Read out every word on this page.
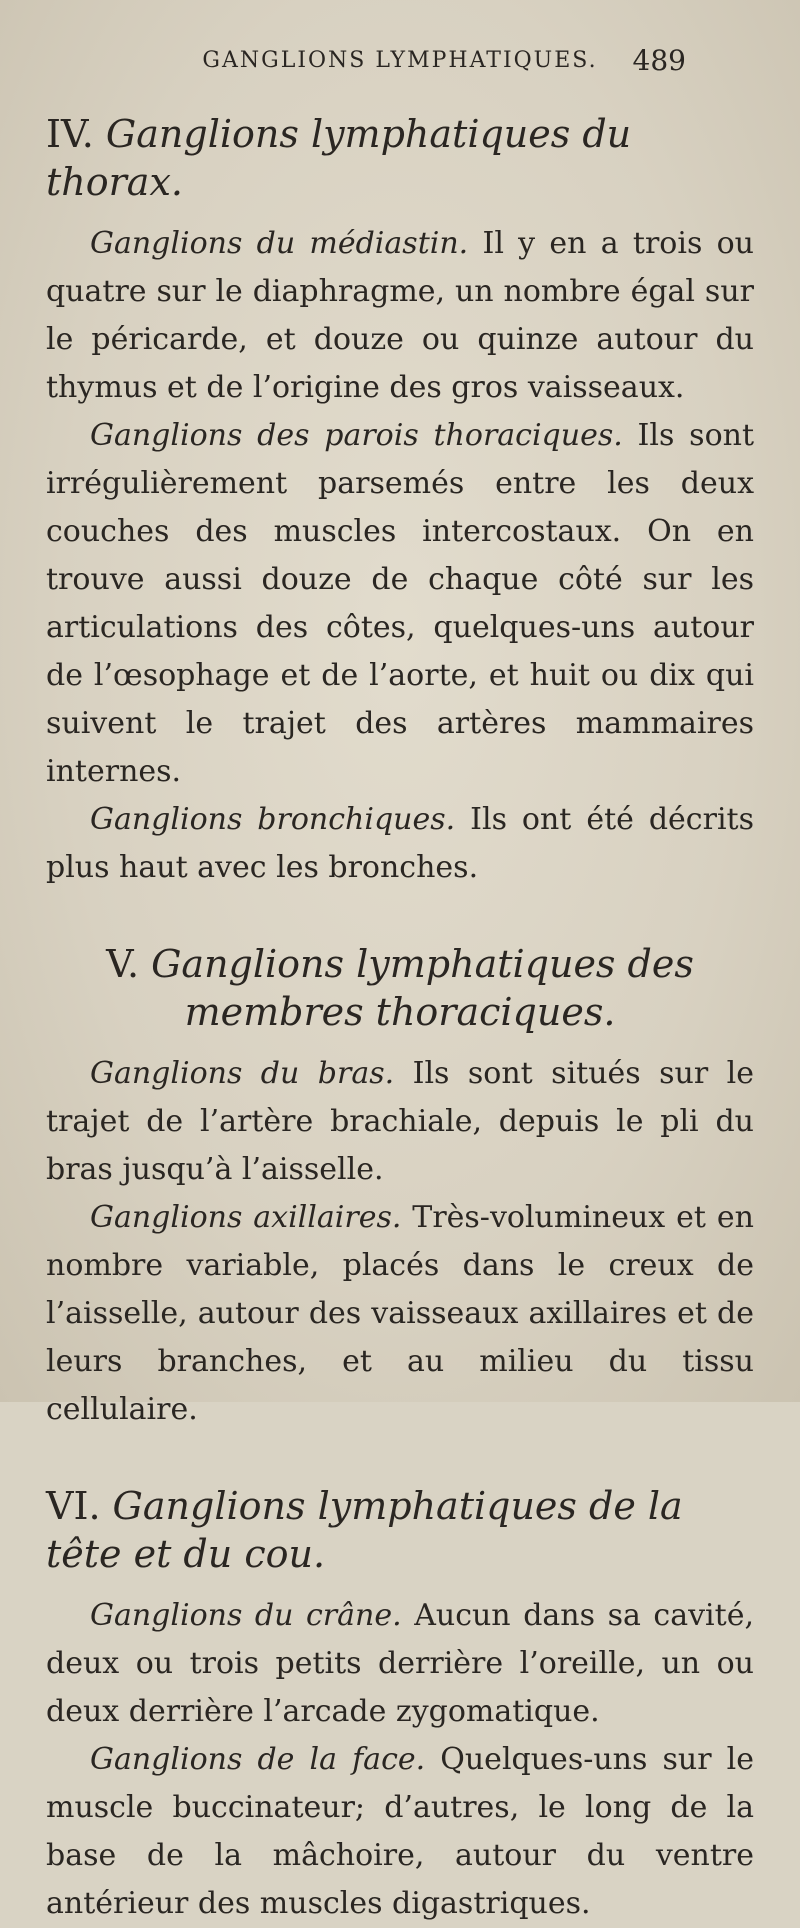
GANGLIONS LYMPHATIQUES.	489
IV. Ganglions lymphatiques du thorax.

Ganglions du médiastin. Il y en a trois ou quatre sur le diaphragme, un nombre égal sur le péricarde, et douze ou quinze autour du thymus et de l’origine des gros vaisseaux.

Ganglions des parois thoraciques. Ils sont irrégulièrement parsemés entre les deux couches des muscles intercostaux. On en trouve aussi douze de chaque côté sur les articulations des côtes, quelques-uns autour de l’œsophage et de l’aorte, et huit ou dix qui suivent le trajet des artères mammaires internes.

Ganglions bronchiques. Ils ont été décrits plus haut avec les bronches.

V. Ganglions lymphatiques des membres thoraciques.

Ganglions du bras. Ils sont situés sur le trajet de l’artère brachiale, depuis le pli du bras jusqu’à l’aisselle.

Ganglions axillaires. Très-volumineux et en nombre variable, placés dans le creux de l’aisselle, autour des vaisseaux axillaires et de leurs branches, et au milieu du tissu cellulaire.

VI. Ganglions lymphatiques de la tête et du cou.

Ganglions du crâne. Aucun dans sa cavité, deux ou trois petits derrière l’oreille, un ou deux derrière l’arcade zygomatique.

Ganglions de la face. Quelques-uns sur le muscle buccinateur; d’autres, le long de la base de la mâchoire, autour du ventre antérieur des muscles digastriques.
